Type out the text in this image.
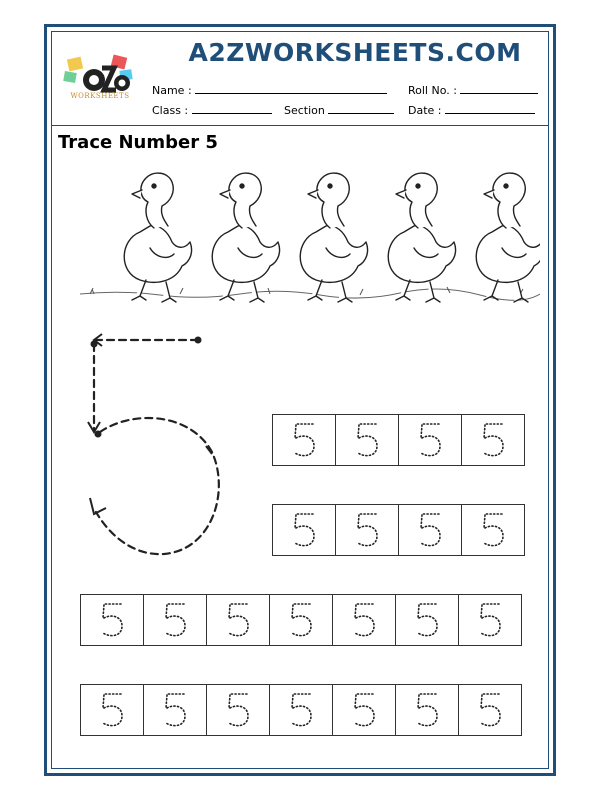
WORKSHEETS
A2ZWORKSHEETS.COM
Name :	Roll No. :
Class :	Section	Date :
Trace Number 5
